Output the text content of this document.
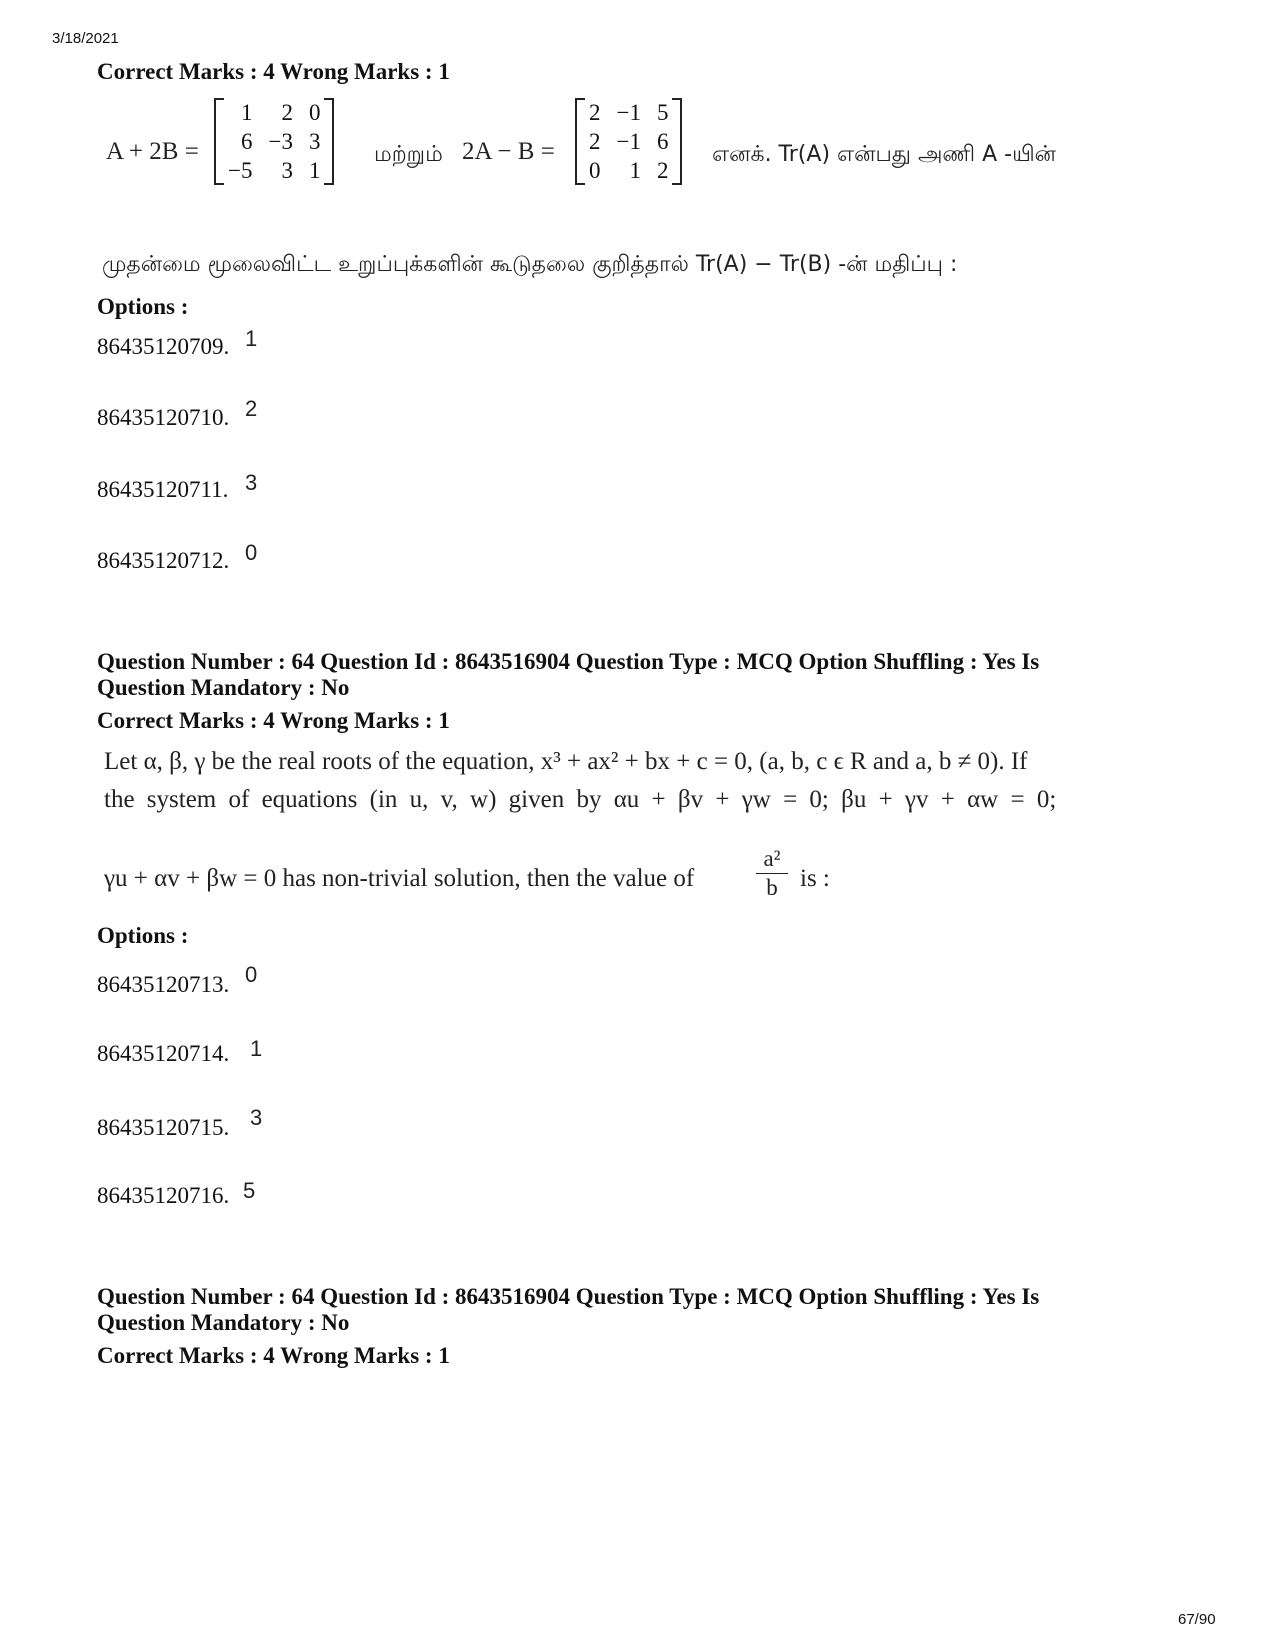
3/18/2021
67/90
Correct Marks : 4 Wrong Marks : 1
A + 2B =
1	2	0
6	−3	3
−5	3	1
மற்றும் 2A − B =
2	−1	5
2	−1	6
0	1	2
எனக். Tr(A) என்பது அணி A -யின்
முதன்மை மூலைவிட்ட உறுப்புக்களின் கூடுதலை குறித்தால் Tr(A) − Tr(B) -ன் மதிப்பு :
Options :
86435120709. 1
86435120710. 2
86435120711. 3
86435120712. 0
Question Number : 64 Question Id : 8643516904 Question Type : MCQ Option Shuffling : Yes Is
Question Mandatory : No
Correct Marks : 4 Wrong Marks : 1
Let α, β, γ be the real roots of the equation, x³ + ax² + bx + c = 0, (a, b, c ϵ R and a, b ≠ 0). If
the system of equations (in u, v, w) given by αu + βv + γw = 0; βu + γv + αw = 0;
γu + αv + βw = 0 has non-trivial solution, then the value of
a²
b is :
Options :
86435120713. 0
86435120714. 1
86435120715. 3
86435120716. 5
Question Number : 64 Question Id : 8643516904 Question Type : MCQ Option Shuffling : Yes Is
Question Mandatory : No
Correct Marks : 4 Wrong Marks : 1
